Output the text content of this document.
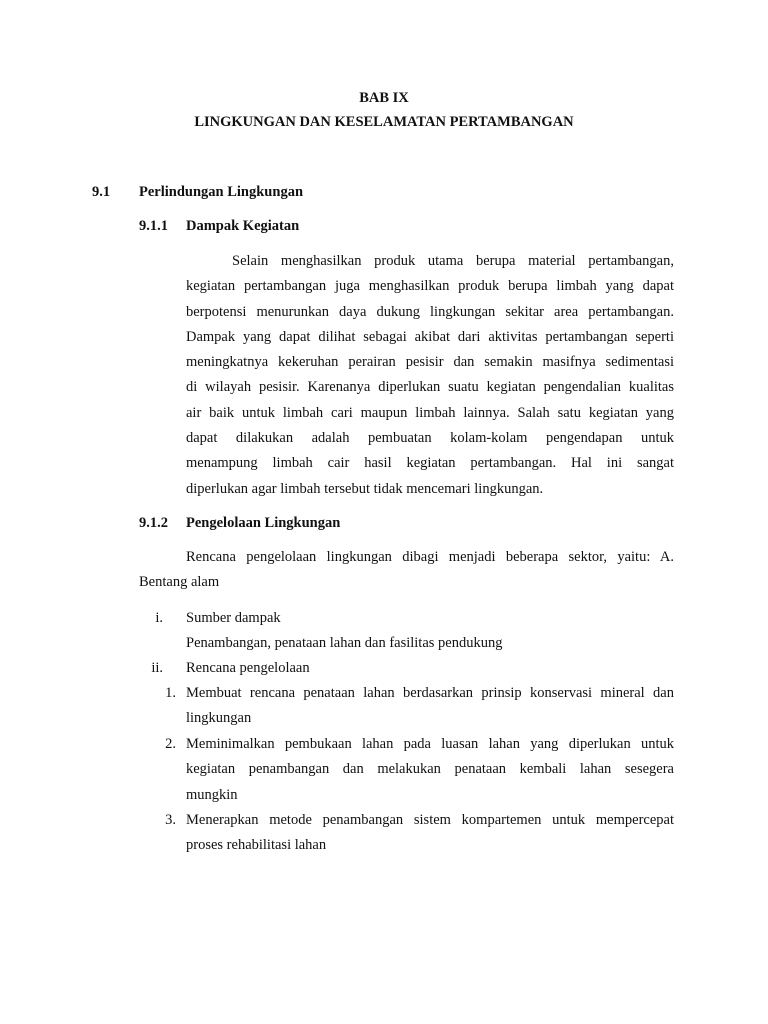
BAB IX
LINGKUNGAN DAN KESELAMATAN PERTAMBANGAN
9.1 Perlindungan Lingkungan
9.1.1 Dampak Kegiatan
Selain menghasilkan produk utama berupa material pertambangan,
kegiatan pertambangan juga menghasilkan produk berupa limbah yang dapat
berpotensi menurunkan daya dukung lingkungan sekitar area pertambangan.
Dampak yang dapat dilihat sebagai akibat dari aktivitas pertambangan seperti
meningkatnya kekeruhan perairan pesisir dan semakin masifnya sedimentasi
di wilayah pesisir. Karenanya diperlukan suatu kegiatan pengendalian kualitas
air baik untuk limbah cari maupun limbah lainnya. Salah satu kegiatan yang
dapat dilakukan adalah pembuatan kolam-kolam pengendapan untuk
menampung limbah cair hasil kegiatan pertambangan. Hal ini sangat
diperlukan agar limbah tersebut tidak mencemari lingkungan.
9.1.2 Pengelolaan Lingkungan
Rencana pengelolaan lingkungan dibagi menjadi beberapa sektor, yaitu: A.
Bentang alam
i. Sumber dampak
Penambangan, penataan lahan dan fasilitas pendukung
ii. Rencana pengelolaan
1. Membuat rencana penataan lahan berdasarkan prinsip konservasi mineral dan
lingkungan
2. Meminimalkan pembukaan lahan pada luasan lahan yang diperlukan untuk
kegiatan penambangan dan melakukan penataan kembali lahan sesegera
mungkin
3. Menerapkan metode penambangan sistem kompartemen untuk mempercepat
proses rehabilitasi lahan
